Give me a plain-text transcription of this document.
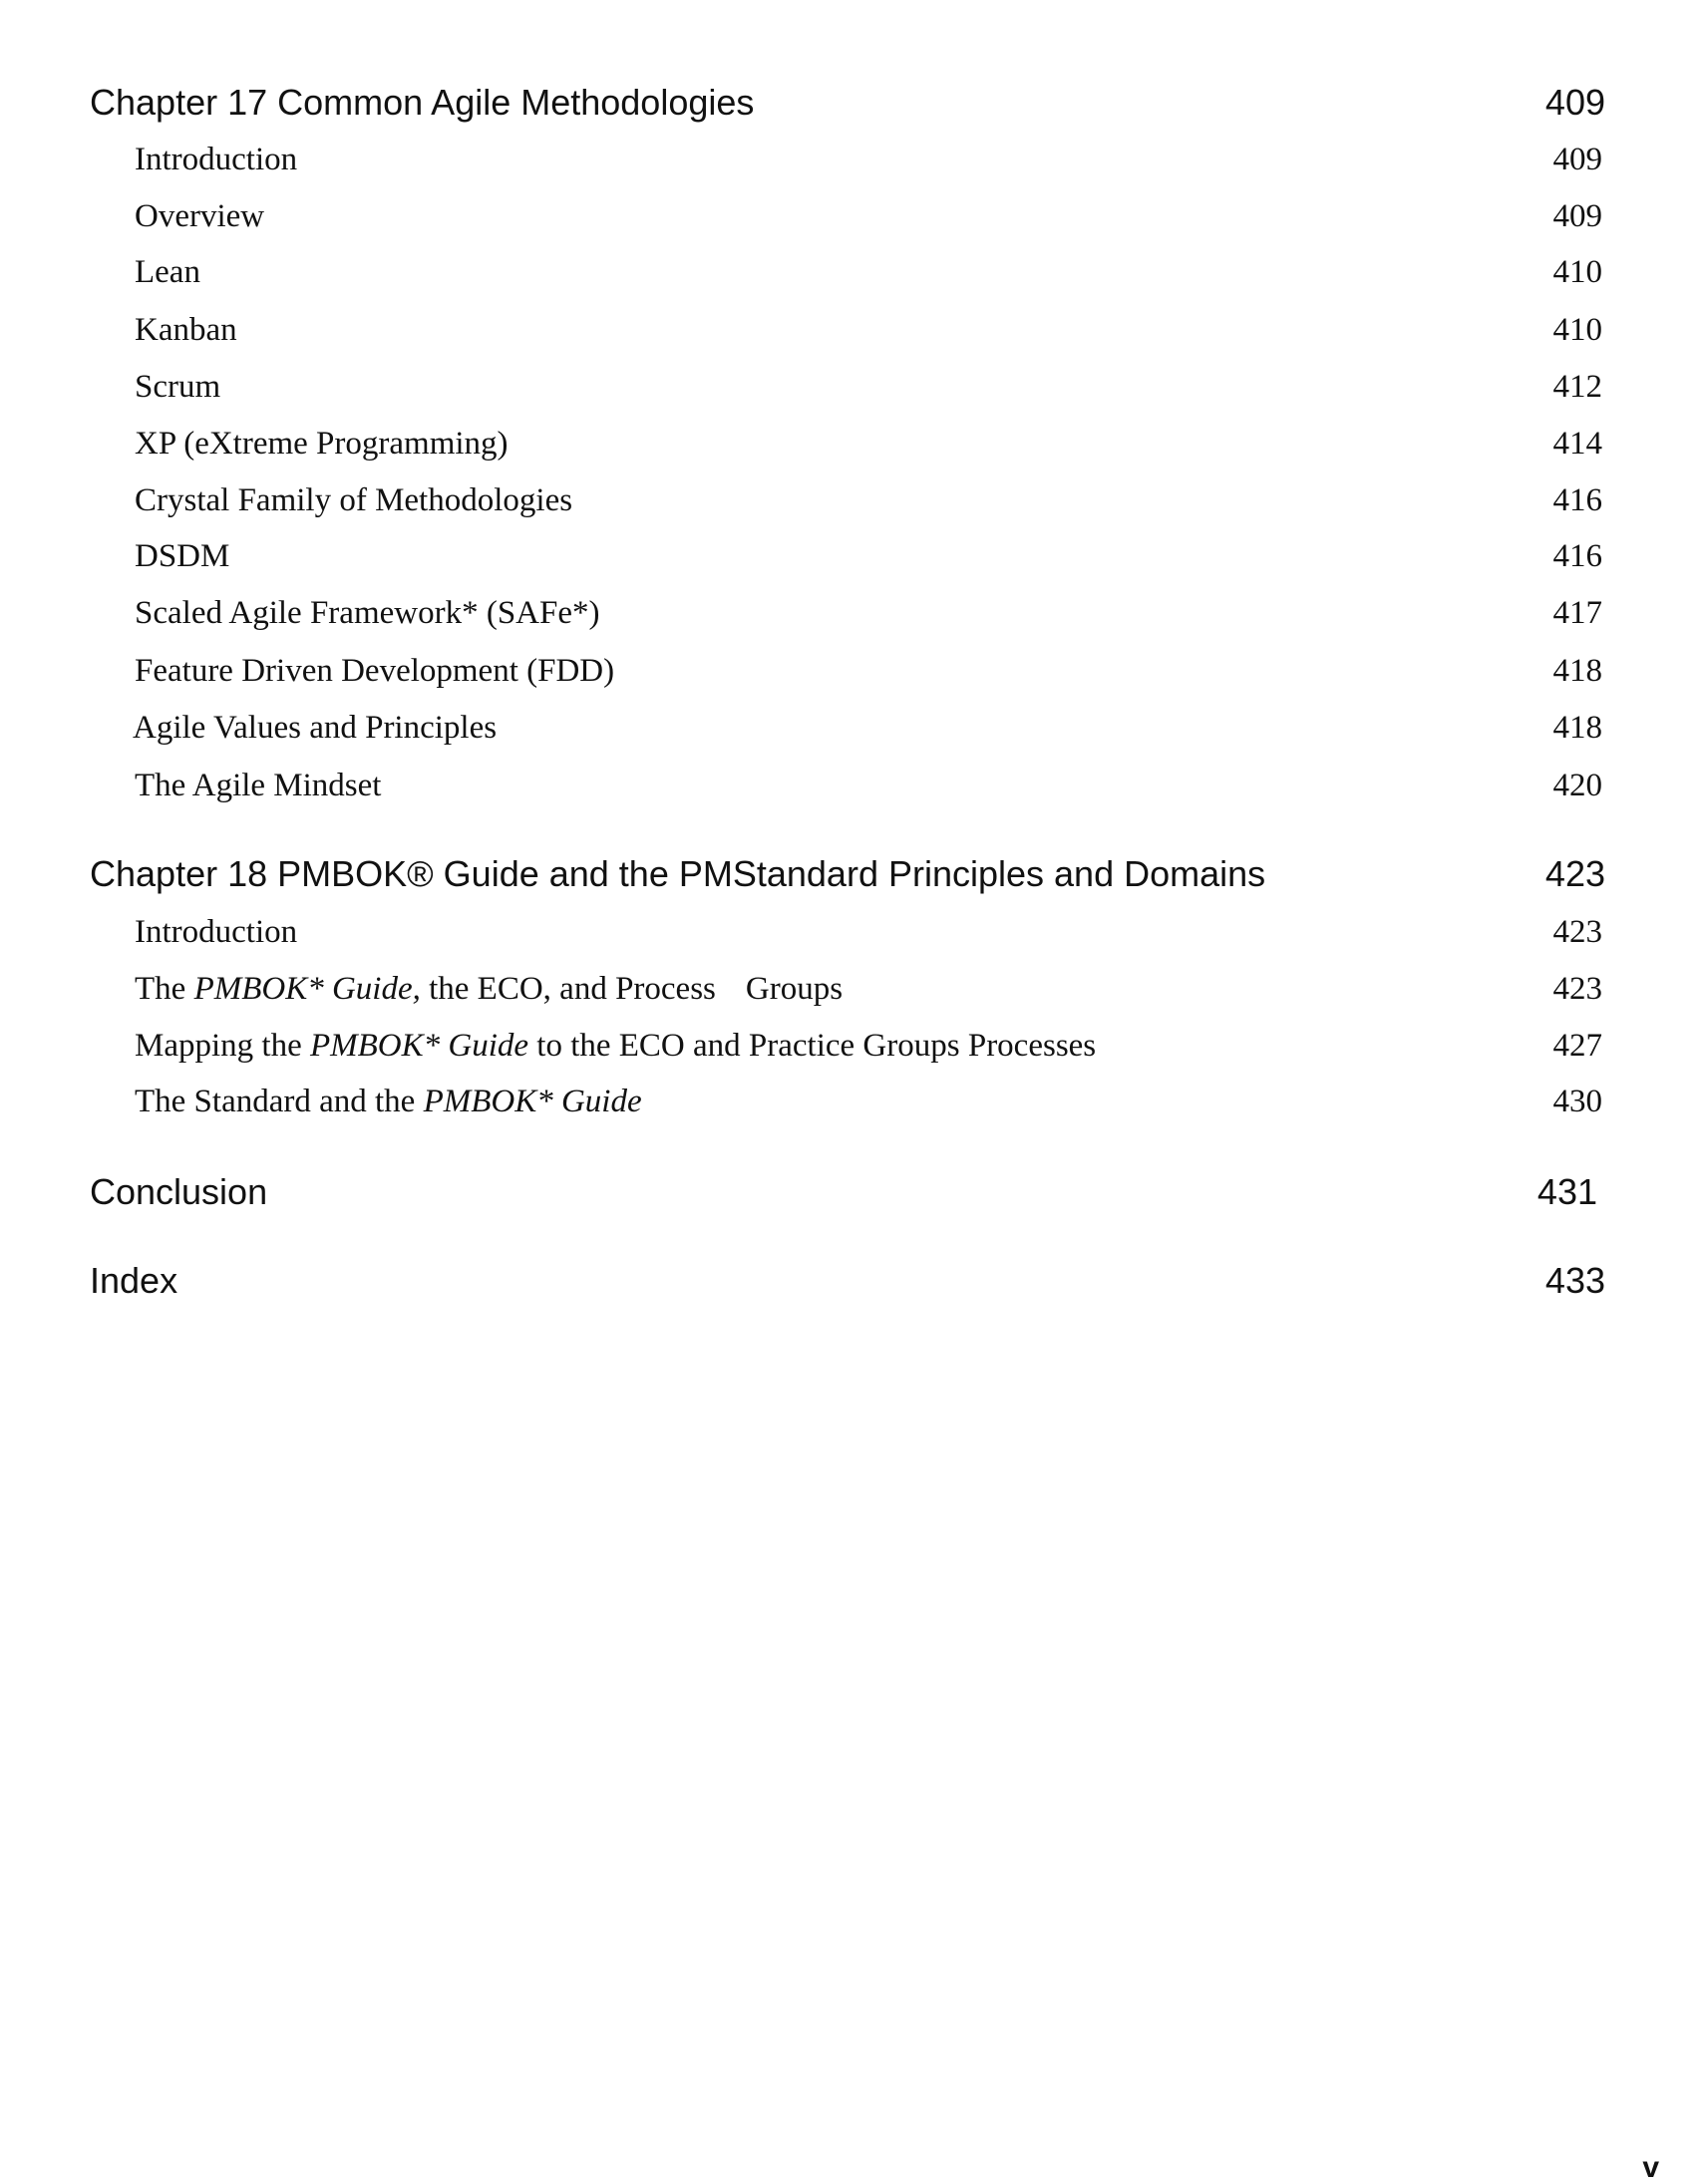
Chapter 17 Common Agile Methodologies	409
Introduction	409
Overview	409
Lean	410
Kanban	410
Scrum	412
XP (eXtreme Programming)	414
Crystal Family of Methodologies	416
DSDM	416
Scaled Agile Framework* (SAFe*)	417
Feature Driven Development (FDD)	418
Agile Values and Principles	418
The Agile Mindset	420
Chapter 18 PMBOK® Guide and the PMStandard Principles and Domains	423
Introduction	423
The PMBOK* Guide, the ECO, and Process Groups	423
Mapping the PMBOK* Guide to the ECO and Practice Groups Processes	427
The Standard and the PMBOK* Guide	430
Conclusion	431
Index	433
v
